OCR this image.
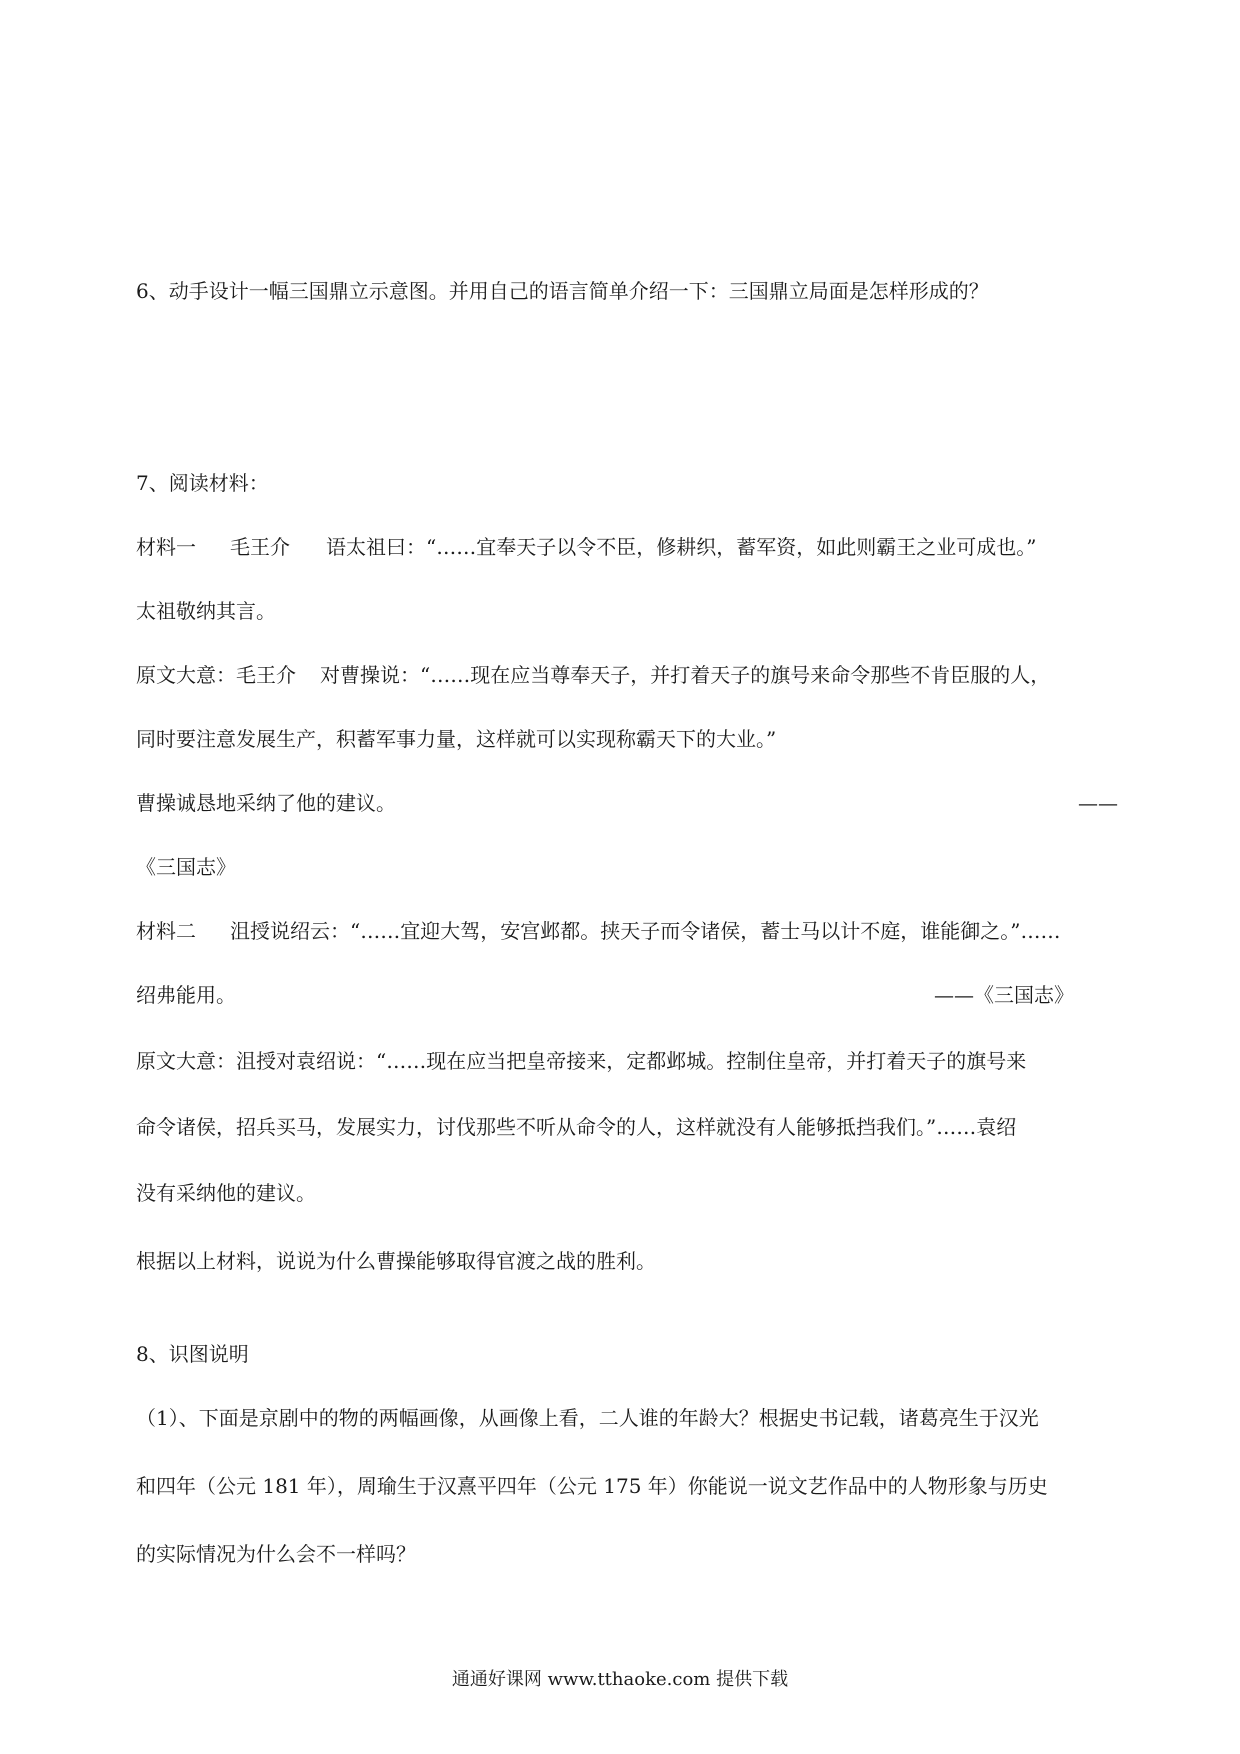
6、动手设计一幅三国鼎立示意图。并用自己的语言简单介绍一下：三国鼎立局面是怎样形成的？
7、阅读材料：
材料一 毛王介 语太祖曰：“……宜奉天子以令不臣，修耕织，蓄军资，如此则霸王之业可成也。”
太祖敬纳其言。
原文大意：毛王介 对曹操说：“……现在应当尊奉天子，并打着天子的旗号来命令那些不肯臣服的人，
同时要注意发展生产，积蓄军事力量，这样就可以实现称霸天下的大业。”
曹操诚恳地采纳了他的建议。	——
《三国志》
材料二 沮授说绍云：“……宜迎大驾，安宫邺都。挟天子而令诸侯，蓄士马以计不庭，谁能御之。”……
绍弗能用。	——《三国志》
原文大意：沮授对袁绍说：“……现在应当把皇帝接来，定都邺城。控制住皇帝，并打着天子的旗号来
命令诸侯，招兵买马，发展实力，讨伐那些不听从命令的人，这样就没有人能够抵挡我们。”……袁绍
没有采纳他的建议。
根据以上材料，说说为什么曹操能够取得官渡之战的胜利。
8、识图说明
（1）、下面是京剧中的物的两幅画像，从画像上看，二人谁的年龄大？根据史书记载，诸葛亮生于汉光
和四年（公元 181 年），周瑜生于汉熹平四年（公元 175 年）你能说一说文艺作品中的人物形象与历史
的实际情况为什么会不一样吗？
通通好课网 www.tthaoke.com 提供下载
